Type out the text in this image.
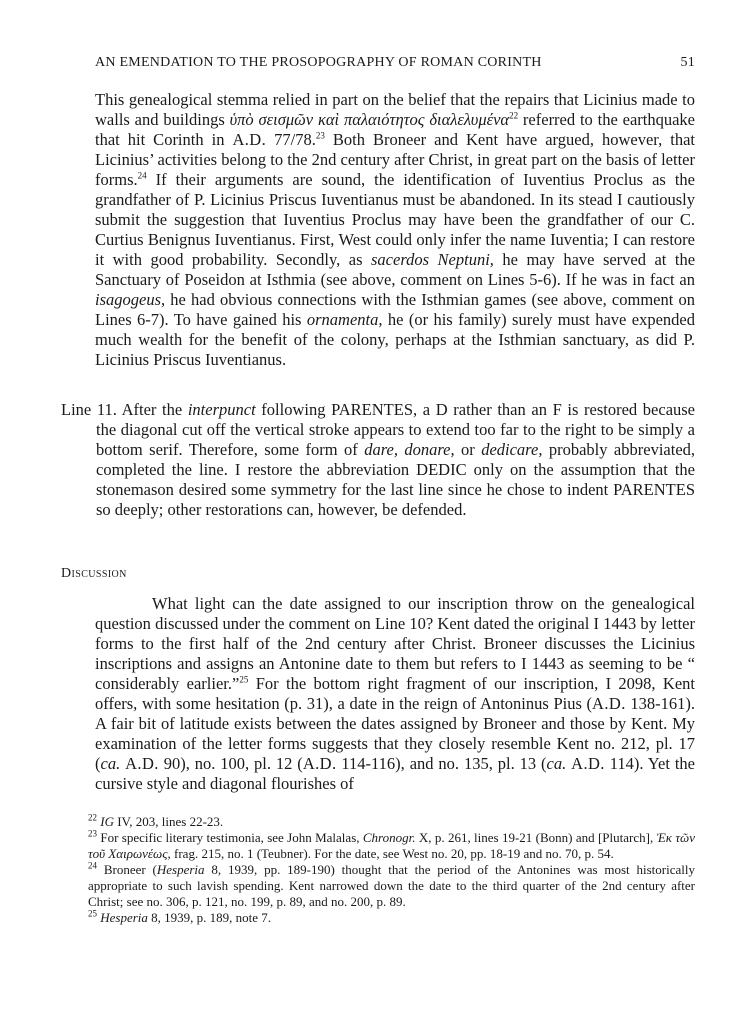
AN EMENDATION TO THE PROSOPOGRAPHY OF ROMAN CORINTH	51

This genealogical stemma relied in part on the belief that the repairs that Licinius made to walls and buildings ὑπὸ σεισμῶν καὶ παλαιότητος διαλελυμένα$^{22}$ referred to the earthquake that hit Corinth in A.D. 77/78.23 Both Broneer and Kent have argued, however, that Licinius’ activities belong to the 2nd century after Christ, in great part on the basis of letter forms.$^{24}$ If their arguments are sound, the identification of Iuventius Proclus as the grandfather of P. Licinius Priscus Iuventianus must be abandoned. In its stead I cautiously submit the suggestion that Iuventius Proclus may have been the grandfather of our C. Curtius Benignus Iuventianus. First, West could only infer the name Iuventia; I can restore it with good probability. Secondly, as sacerdos Neptuni, he may have served at the Sanctuary of Poseidon at Isthmia (see above, comment on Lines 5-6). If he was in fact an isagogeus, he had obvious connections with the Isthmian games (see above, comment on Lines 6-7). To have gained his ornamenta, he (or his family) surely must have expended much wealth for the benefit of the colony, perhaps at the Isthmian sanctuary, as did P. Licinius Priscus Iuventianus.

Line 11. After the interpunct following PARENTES, a D rather than an F is restored because the diagonal cut off the vertical stroke appears to extend too far to the right to be simply a bottom serif. Therefore, some form of dare, donare, or dedicare, probably abbreviated, completed the line. I restore the abbreviation DEDIC only on the assumption that the stonemason desired some symmetry for the last line since he chose to indent PARENTES so deeply; other restorations can, however, be defended.

Discussion

What light can the date assigned to our inscription throw on the genealogical question discussed under the comment on Line 10? Kent dated the original I 1443 by letter forms to the first half of the 2nd century after Christ. Broneer discusses the Licinius inscriptions and assigns an Antonine date to them but refers to I 1443 as seeming to be “ considerably earlier.”$^{25}$ For the bottom right fragment of our inscription, I 2098, Kent offers, with some hesitation (p. 31), a date in the reign of Antoninus Pius (A.D. 138-161). A fair bit of latitude exists between the dates assigned by Broneer and those by Kent. My examination of the letter forms suggests that they closely resemble Kent no. 212, pl. 17 (ca. A.D. 90), no. 100, pl. 12 (A.D. 114-116), and no. 135, pl. 13 (ca. A.D. 114). Yet the cursive style and diagonal flourishes of

$^{22}$ IG IV, 203, lines 22-23.

$^{23}$ For specific literary testimonia, see John Malalas, Chronogr. X, p. 261, lines 19-21 (Bonn) and [Plutarch], Ἐκ τῶν τοῦ Χαιρωνέως, frag. 215, no. 1 (Teubner). For the date, see West no. 20, pp. 18-19 and no. 70, p. 54.

$^{24}$ Broneer (Hesperia 8, 1939, pp. 189-190) thought that the period of the Antonines was most historically appropriate to such lavish spending. Kent narrowed down the date to the third quarter of the 2nd century after Christ; see no. 306, p. 121, no. 199, p. 89, and no. 200, p. 89.

$^{25}$ Hesperia 8, 1939, p. 189, note 7.
